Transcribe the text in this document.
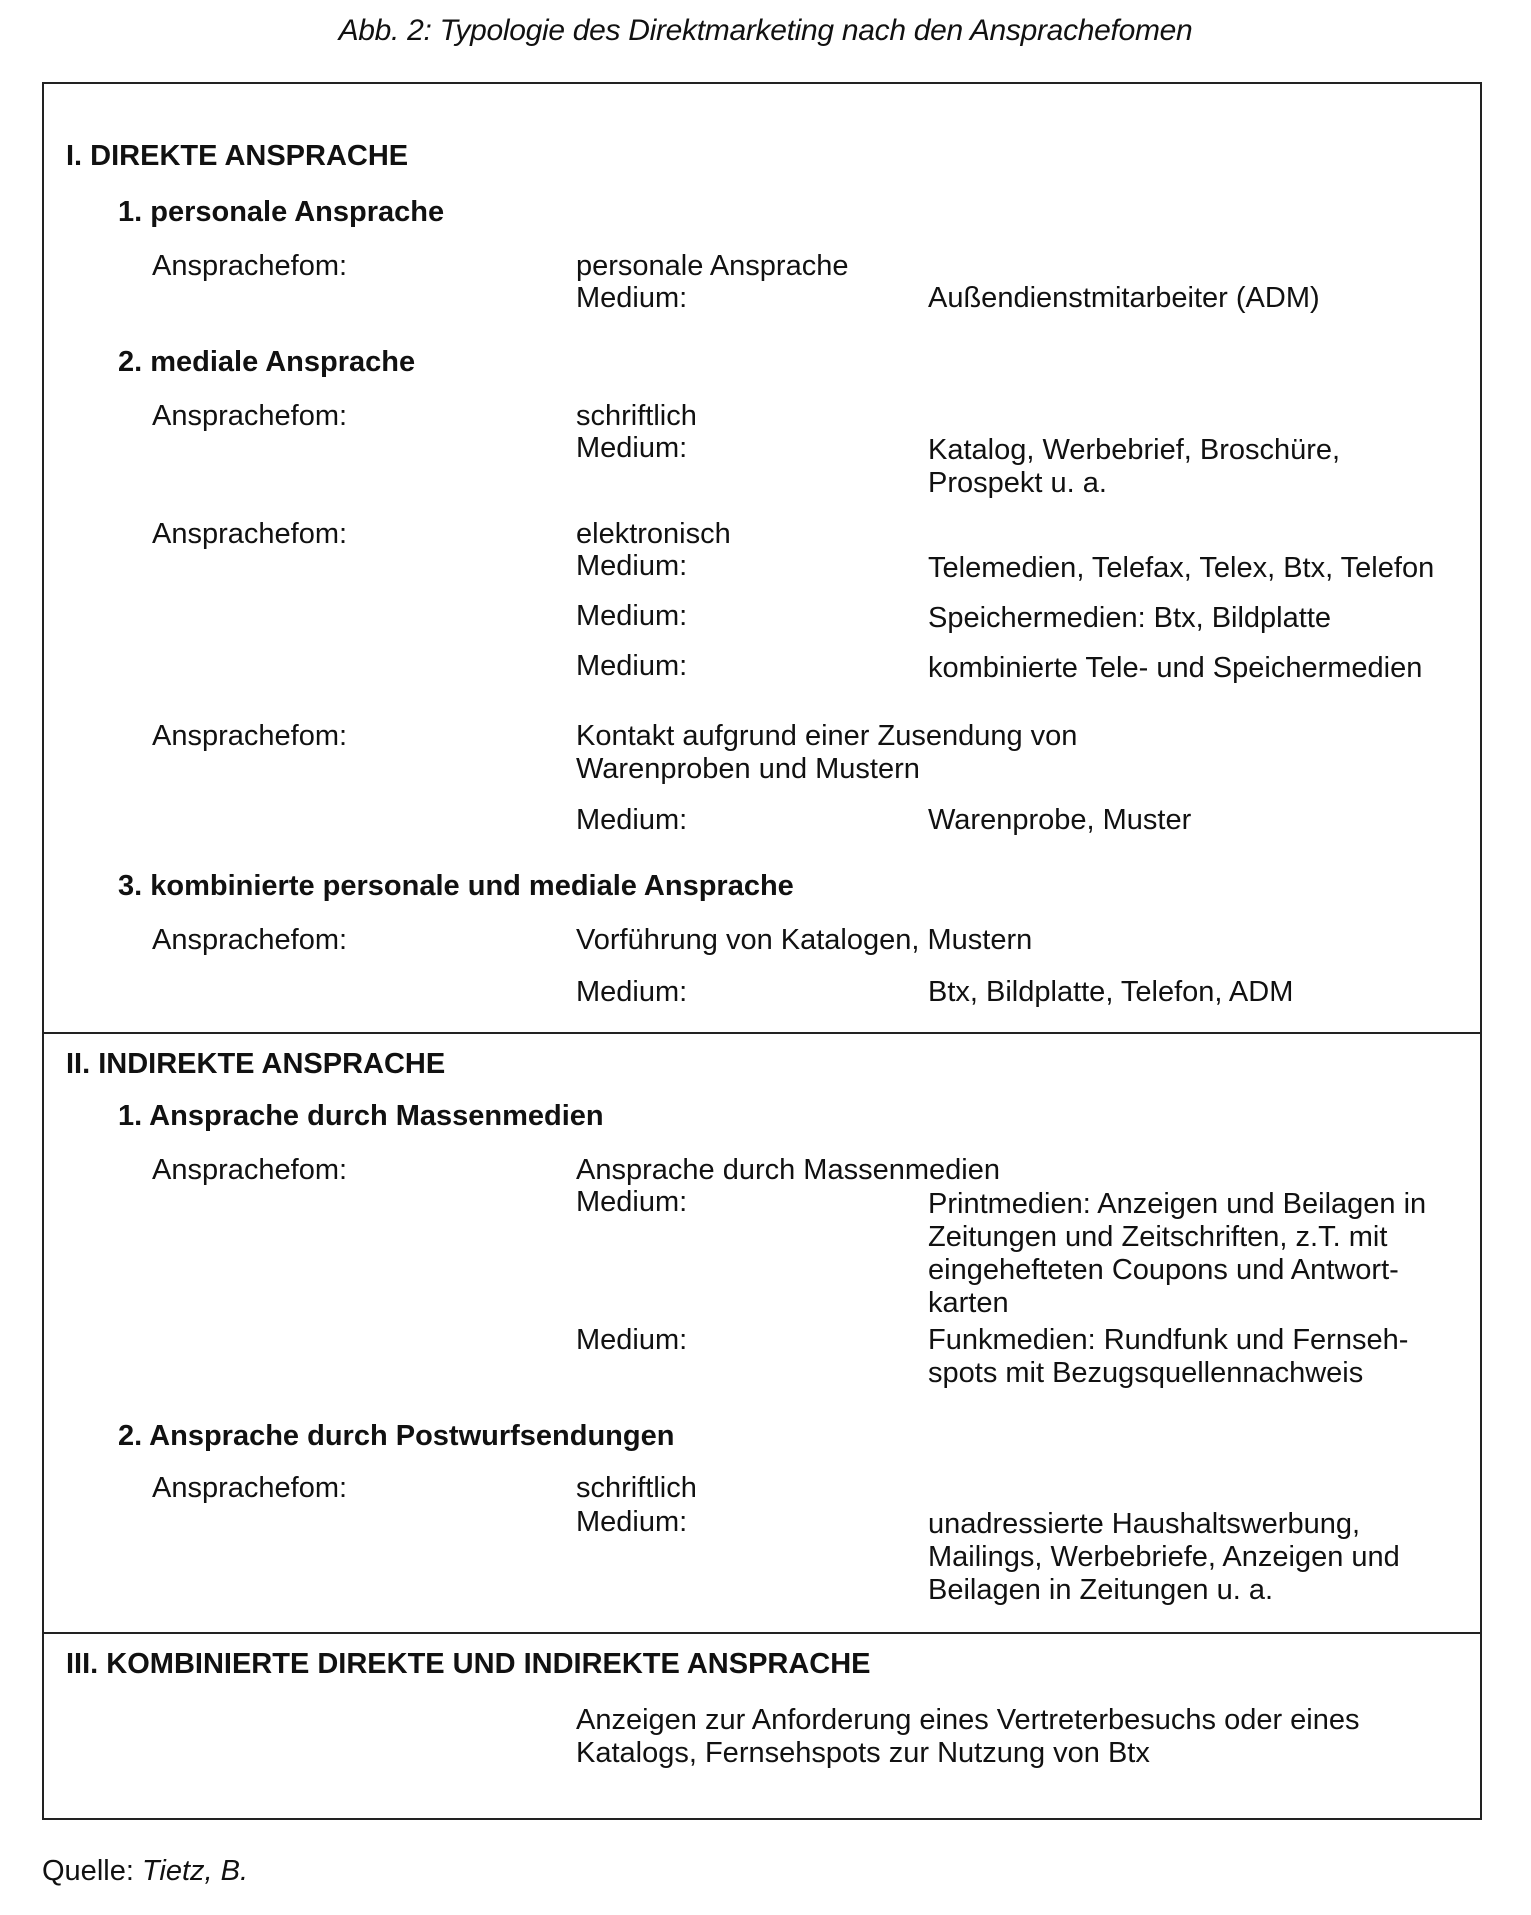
Abb. 2: Typologie des Direktmarketing nach den Ansprachefomen
I. DIREKTE ANSPRACHE
1. personale Ansprache
Ansprachefom:	personale Ansprache
Medium:	Außendienstmitarbeiter (ADM)
2. mediale Ansprache
Ansprachefom:	schriftlich
Medium:	Katalog, Werbebrief, Broschüre, Prospekt u. a.
Ansprachefom:	elektronisch
Medium:	Telemedien, Telefax, Telex, Btx, Telefon
Medium:	Speichermedien: Btx, Bildplatte
Medium:	kombinierte Tele- und Speichermedien
Ansprachefom:	Kontakt aufgrund einer Zusendung von Warenproben und Mustern
Medium:	Warenprobe, Muster
3. kombinierte personale und mediale Ansprache
Ansprachefom:	Vorführung von Katalogen, Mustern
Medium:	Btx, Bildplatte, Telefon, ADM
II. INDIREKTE ANSPRACHE
1. Ansprache durch Massenmedien
Ansprachefom:	Ansprache durch Massenmedien
Medium:	Printmedien: Anzeigen und Beilagen in Zeitungen und Zeitschriften, z.T. mit eingehefteten Coupons und Antwort-karten
Medium:	Funkmedien: Rundfunk und Fernseh-spots mit Bezugsquellennachweis
2. Ansprache durch Postwurfsendungen
Ansprachefom:	schriftlich
Medium:	unadressierte Haushaltswerbung, Mailings, Werbebriefe, Anzeigen und Beilagen in Zeitungen u. a.
III. KOMBINIERTE DIREKTE UND INDIREKTE ANSPRACHE
Anzeigen zur Anforderung eines Vertreterbesuchs oder eines Katalogs, Fernsehspots zur Nutzung von Btx
Quelle: Tietz, B.
